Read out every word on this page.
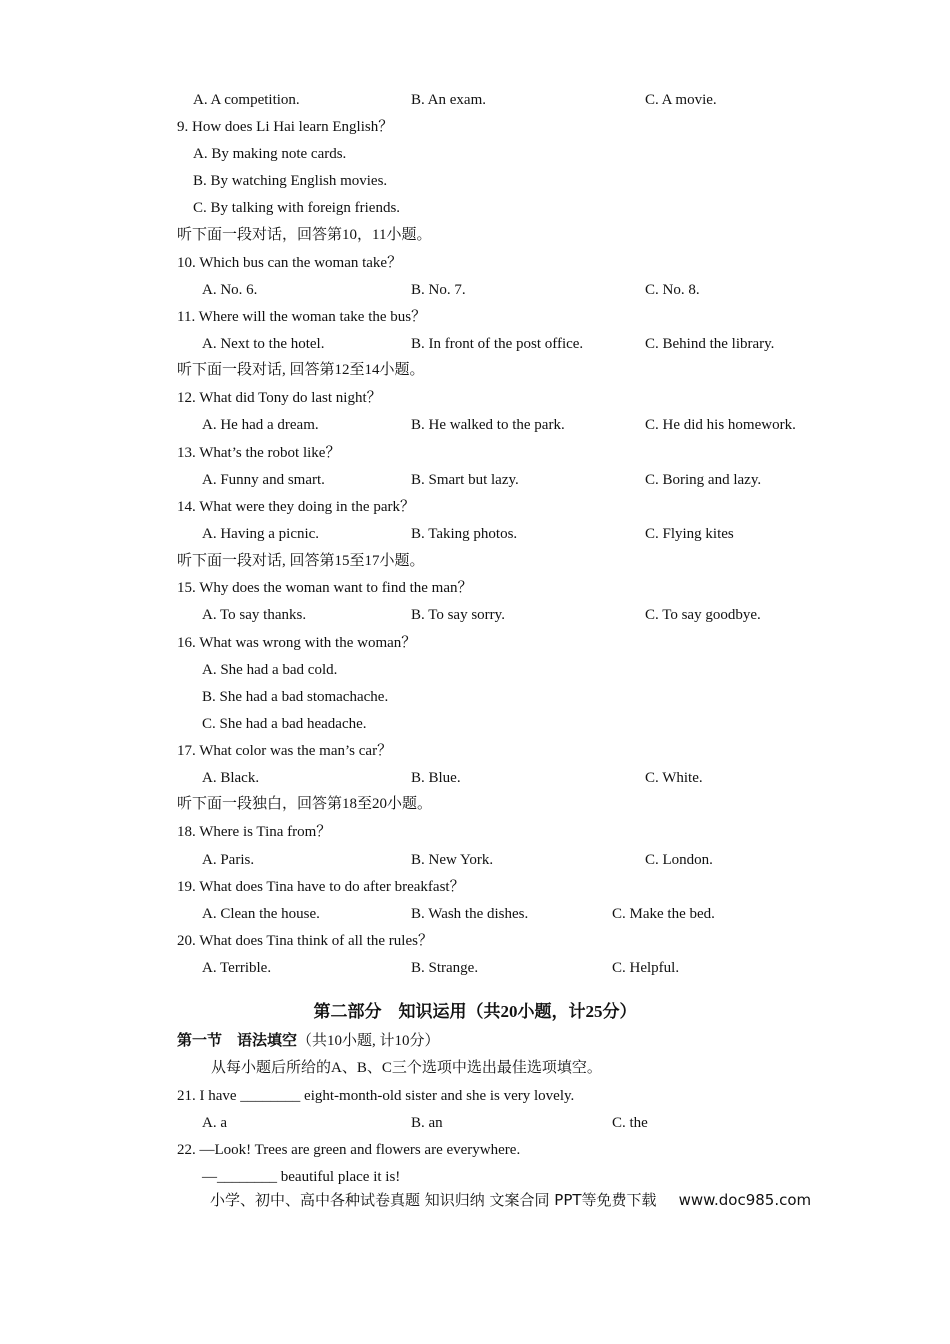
A. A competition.	B. An exam.	C. A movie.
9. How does Li Hai learn English？
A. By making note cards.
B. By watching English movies.
C. By talking with foreign friends.
听下面一段对话，回答第10，11小题。
10. Which bus can the woman take？
A. No. 6.	B. No. 7.	C. No. 8.
11. Where will the woman take the bus？
A. Next to the hotel.	B. In front of the post office.	C. Behind the library.
听下面一段对话, 回答第12至14小题。
12. What did Tony do last night？
A. He had a dream.	B. He walked to the park.	C. He did his homework.
13. What’s the robot like？
A. Funny and smart.	B. Smart but lazy.	C. Boring and lazy.
14. What were they doing in the park？
A. Having a picnic.	B. Taking photos.	C. Flying kites
听下面一段对话, 回答第15至17小题。
15. Why does the woman want to find the man？
A. To say thanks.	B. To say sorry.	C. To say goodbye.
16. What was wrong with the woman？
A. She had a bad cold.
B. She had a bad stomachache.
C. She had a bad headache.
17. What color was the man’s car？
A. Black.	B. Blue.	C. White.
听下面一段独白，回答第18至20小题。
18. Where is Tina from？
A. Paris.	B. New York.	C. London.
19. What does Tina have to do after breakfast？
A. Clean the house.	B. Wash the dishes.	C. Make the bed.
20. What does Tina think of all the rules？
A. Terrible.	B. Strange.	C. Helpful.
第二部分　知识运用（共20小题，计25分）
第一节　语法填空（共10小题, 计10分）
从每小题后所给的A、B、C三个选项中选出最佳选项填空。
21. I have ________ eight-month-old sister and she is very lovely.
A. a	B. an	C. the
22. —Look! Trees are green and flowers are everywhere.
—________ beautiful place it is!
小学、初中、高中各种试卷真题 知识归纳 文案合同 PPT等免费下载 www.doc985.com
